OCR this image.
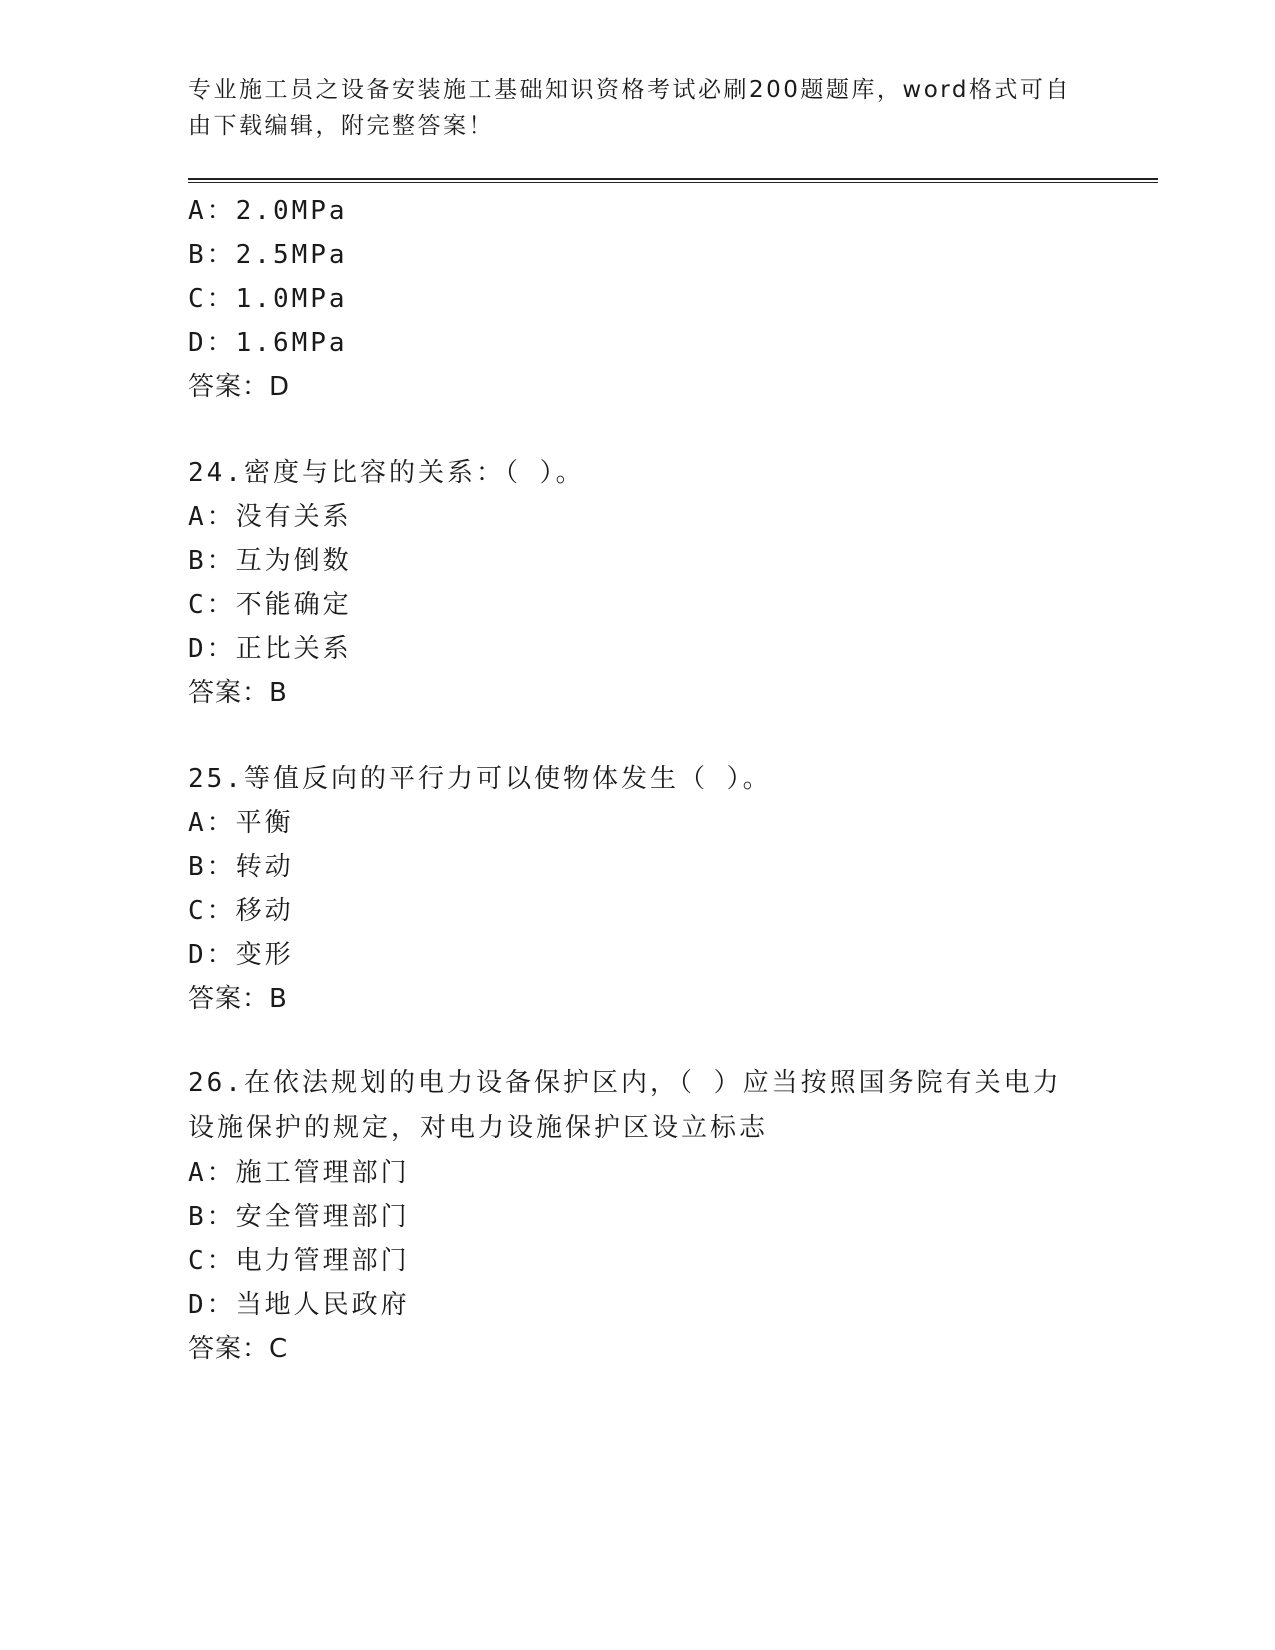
专业施工员之设备安装施工基础知识资格考试必刷200题题库，word格式可自由下载编辑，附完整答案！
A：2.0MPa
B：2.5MPa
C：1.0MPa
D：1.6MPa
答案：D
24.密度与比容的关系：（ ）。
A：没有关系
B：互为倒数
C：不能确定
D：正比关系
答案：B
25.等值反向的平行力可以使物体发生（ ）。
A：平衡
B：转动
C：移动
D：变形
答案：B
26.在依法规划的电力设备保护区内，（ ）应当按照国务院有关电力设施保护的规定，对电力设施保护区设立标志
A：施工管理部门
B：安全管理部门
C：电力管理部门
D：当地人民政府
答案：C
